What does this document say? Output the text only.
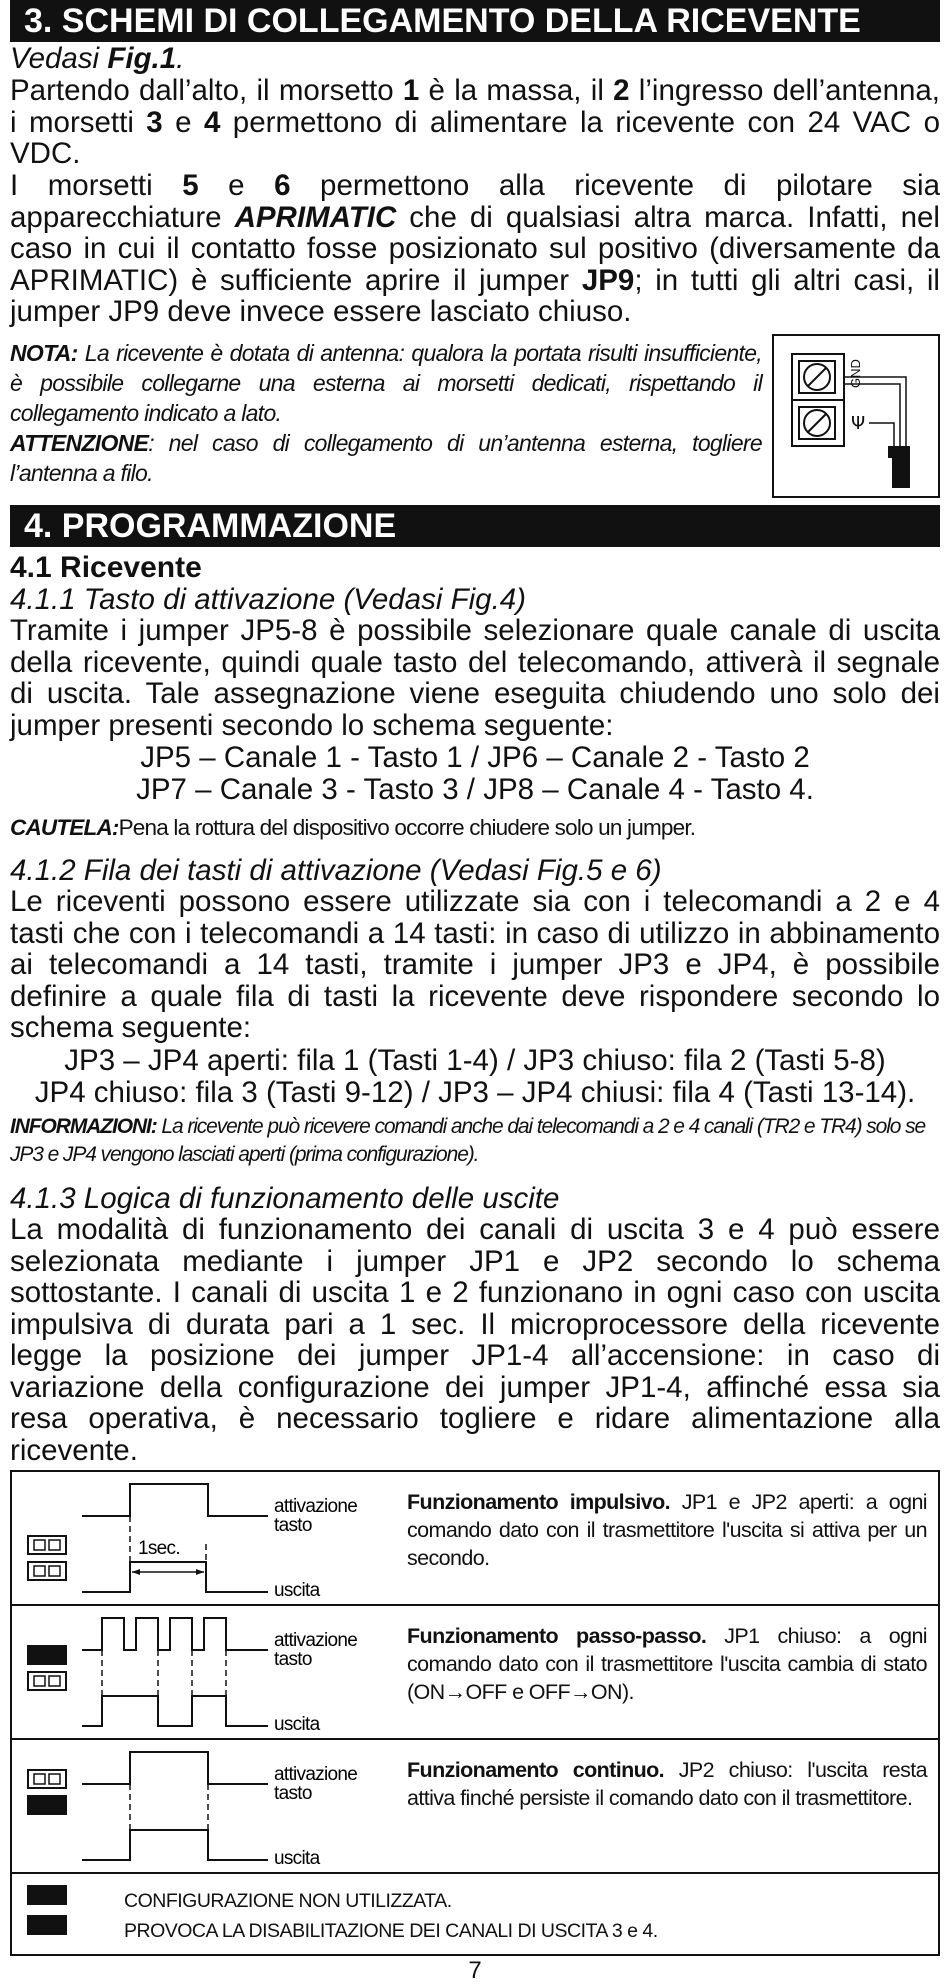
3. SCHEMI DI COLLEGAMENTO DELLA RICEVENTE

Vedasi Fig.1.

Partendo dall’alto, il morsetto 1 è la massa, il 2 l’ingresso dell’antenna, i morsetti 3 e 4 permettono di alimentare la ricevente con 24 VAC o VDC.

I morsetti 5 e 6 permettono alla ricevente di pilotare sia apparecchiature APRIMATIC che di qualsiasi altra marca. Infatti, nel caso in cui il contatto fosse posizionato sul positivo (diversamente da APRIMATIC) è sufficiente aprire il jumper JP9; in tutti gli altri casi, il jumper JP9 deve invece essere lasciato chiuso.

NOTA: La ricevente è dotata di antenna: qualora la portata risulti insufficiente, è possibile collegarne una esterna ai morsetti dedicati, rispettando il collegamento indicato a lato.

ATTENZIONE: nel caso di collegamento di un’antenna esterna, togliere l’antenna a filo.

GND
Ψ
4. PROGRAMMAZIONE

4.1 Ricevente

4.1.1 Tasto di attivazione (Vedasi Fig.4)

Tramite i jumper JP5-8 è possibile selezionare quale canale di uscita della ricevente, quindi quale tasto del telecomando, attiverà il segnale di uscita. Tale assegnazione viene eseguita chiudendo uno solo dei jumper presenti secondo lo schema seguente:

JP5 – Canale 1 - Tasto 1 / JP6 – Canale 2 - Tasto 2

JP7 – Canale 3 - Tasto 3 / JP8 – Canale 4 - Tasto 4.

CAUTELA:Pena la rottura del dispositivo occorre chiudere solo un jumper.

4.1.2 Fila dei tasti di attivazione (Vedasi Fig.5 e 6)

Le riceventi possono essere utilizzate sia con i telecomandi a 2 e 4 tasti che con i telecomandi a 14 tasti: in caso di utilizzo in abbinamento ai telecomandi a 14 tasti, tramite i jumper JP3 e JP4, è possibile definire a quale fila di tasti la ricevente deve rispondere secondo lo schema seguente:

JP3 – JP4 aperti: fila 1 (Tasti 1-4) / JP3 chiuso: fila 2 (Tasti 5-8)

JP4 chiuso: fila 3 (Tasti 9-12) / JP3 – JP4 chiusi: fila 4 (Tasti 13-14).

INFORMAZIONI: La ricevente può ricevere comandi anche dai telecomandi a 2 e 4 canali (TR2 e TR4) solo se JP3 e JP4 vengono lasciati aperti (prima configurazione).

4.1.3 Logica di funzionamento delle uscite

La modalità di funzionamento dei canali di uscita 3 e 4 può essere selezionata mediante i jumper JP1 e JP2 secondo lo schema sottostante. I canali di uscita 1 e 2 funzionano in ogni caso con uscita impulsiva di durata pari a 1 sec. Il microprocessore della ricevente legge la posizione dei jumper JP1-4 all’accensione: in caso di variazione della configurazione dei jumper JP1-4, affinché essa sia resa operativa, è necessario togliere e ridare alimentazione alla ricevente.

1sec.
attivazione
tasto
uscita
Funzionamento impulsivo. JP1 e JP2 aperti: a ogni comando dato con il trasmettitore l'uscita si attiva per un secondo.
attivazione
tasto
uscita
Funzionamento passo-passo. JP1 chiuso: a ogni comando dato con il trasmettitore l'uscita cambia di stato (ON→OFF e OFF→ON).
attivazione
tasto
uscita
Funzionamento continuo. JP2 chiuso: l'uscita resta attiva finché persiste il comando dato con il trasmettitore.
CONFIGURAZIONE NON UTILIZZATA.
PROVOCA LA DISABILITAZIONE DEI CANALI DI USCITA 3 e 4.
7
